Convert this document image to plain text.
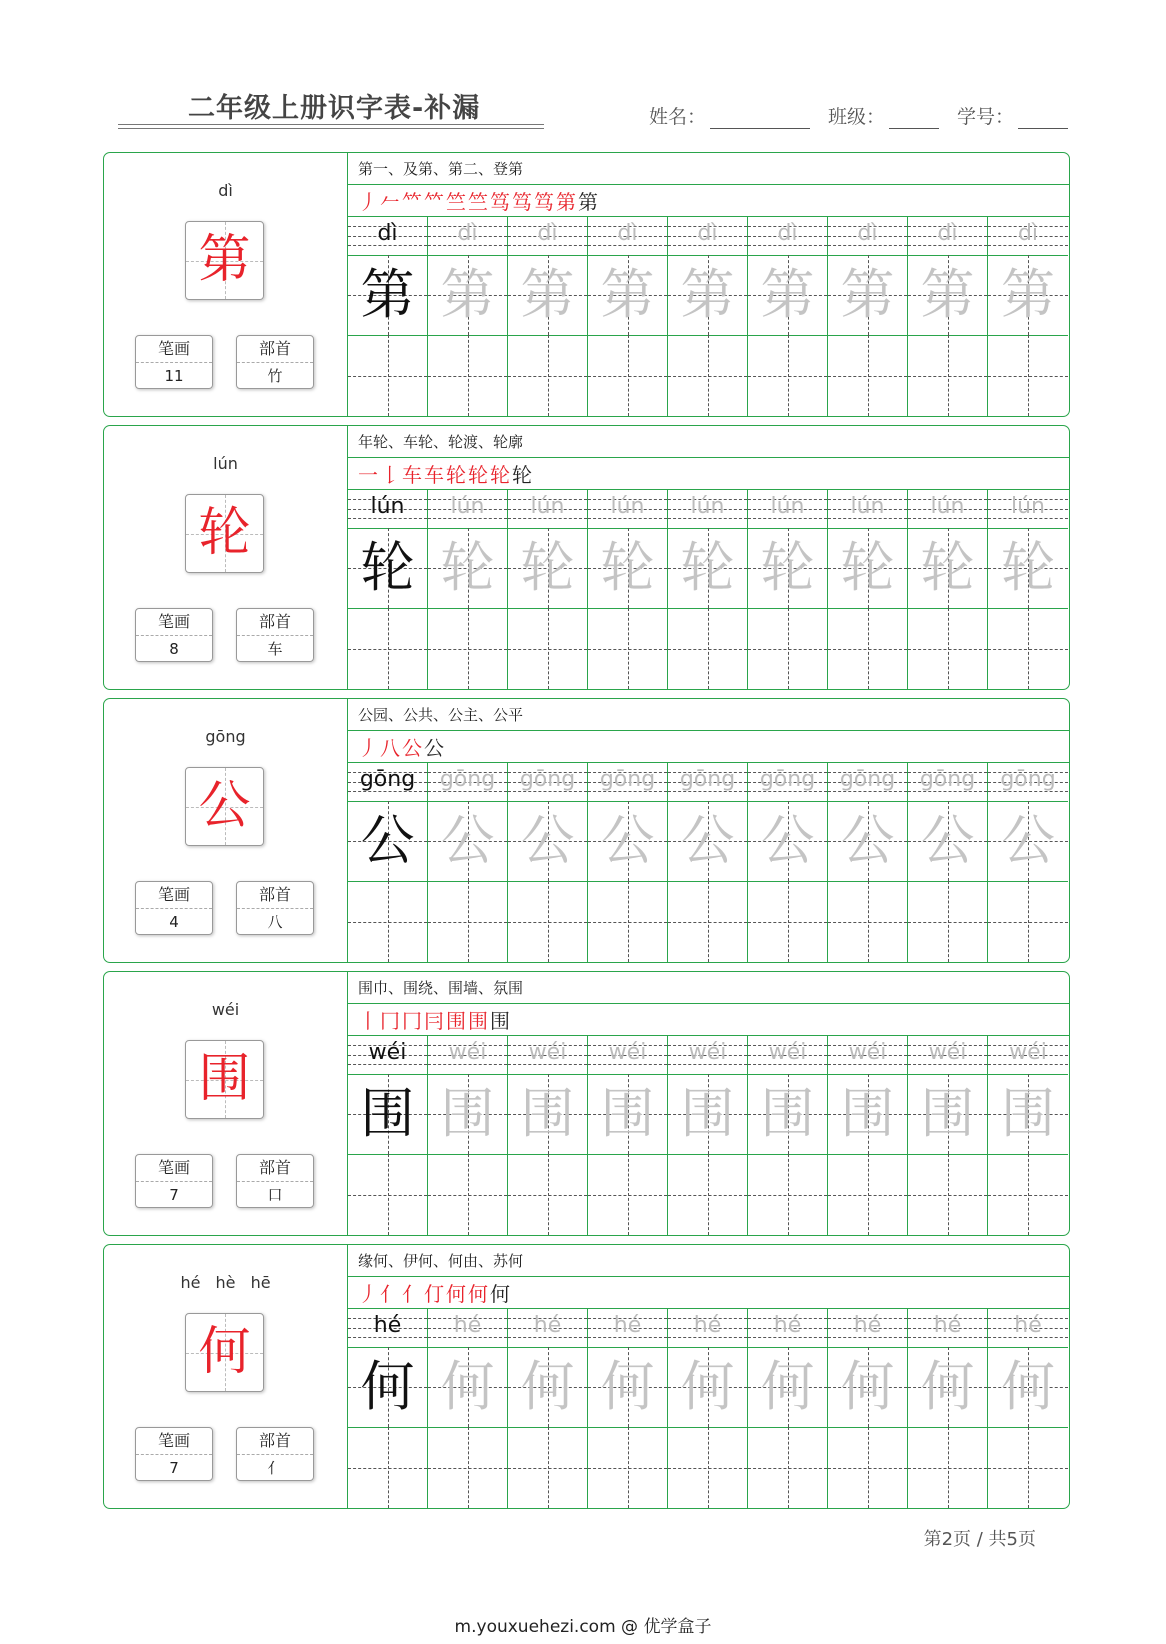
二年级上册识字表-补漏	姓名：	班级：	学号：
dì
第
笔画
11
部首
竹
第一、及第、第二、登第
丿𠂉𥫗𥫗竺竺笃笃笃第第
dì
第
dì
第
dì
第
dì
第
dì
第
dì
第
dì
第
dì
第
dì
第
lún
轮
笔画
8
部首
车
年轮、车轮、轮渡、轮廓
一𠄌车车轮轮轮轮
lún
轮
lún
轮
lún
轮
lún
轮
lún
轮
lún
轮
lún
轮
lún
轮
lún
轮
gōng
公
笔画
4
部首
八
公园、公共、公主、公平
丿八公公
gōng
公
gōng
公
gōng
公
gōng
公
gōng
公
gōng
公
gōng
公
gōng
公
gōng
公
wéi
围
笔画
7
部首
口
围巾、围绕、围墙、氛围
丨冂冂冃围围围
wéi
围
wéi
围
wéi
围
wéi
围
wéi
围
wéi
围
wéi
围
wéi
围
wéi
围
hé hè hē
何
笔画
7
部首
亻
缘何、伊何、何由、苏何
丿亻亻仃何何何
hé
何
hé
何
hé
何
hé
何
hé
何
hé
何
hé
何
hé
何
hé
何
第2页 / 共5页
m.youxuehezi.com @ 优学盒子
